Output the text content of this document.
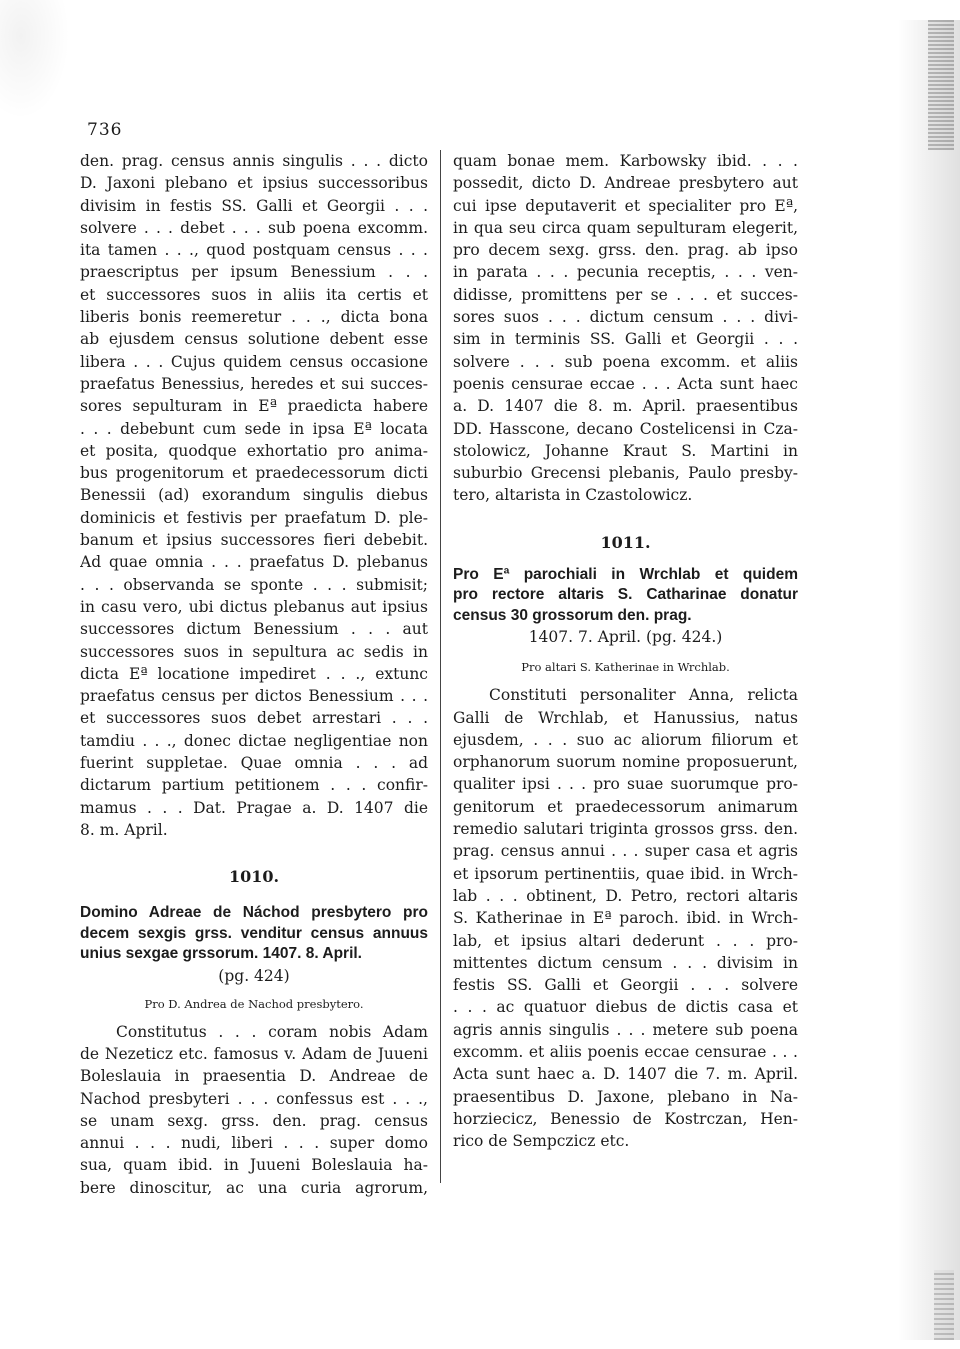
736
den. prag. census annis singulis . . . dicto
D. Jaxoni plebano et ipsius successoribus
divisim in festis SS. Galli et Georgii . . .
solvere . . . debet . . . sub poena excomm.
ita tamen . . ., quod postquam census . . .
praescriptus per ipsum Benessium . . .
et successores suos in aliis ita certis et
liberis bonis reemeretur . . ., dicta bona
ab ejusdem census solutione debent esse
libera . . . Cujus quidem census occasione
praefatus Benessius, heredes et sui succes-
sores sepulturam in Eª praedicta habere
. . . debebunt cum sede in ipsa Eª locata
et posita, quodque exhortatio pro anima-
bus progenitorum et praedecessorum dicti
Benessii (ad) exorandum singulis diebus
dominicis et festivis per praefatum D. ple-
banum et ipsius successores fieri debebit.
Ad quae omnia . . . praefatus D. plebanus
. . . observanda se sponte . . . submisit;
in casu vero, ubi dictus plebanus aut ipsius
successores dictum Benessium . . . aut
successores suos in sepultura ac sedis in
dicta Eª locatione impediret . . ., extunc
praefatus census per dictos Benessium . . .
et successores suos debet arrestari . . .
tamdiu . . ., donec dictae negligentiae non
fuerint suppletae. Quae omnia . . . ad
dictarum partium petitionem . . . confir-
mamus . . . Dat. Pragae a. D. 1407 die
8. m. April.
1010.
Domino Adreae de Náchod presbytero pro
decem sexgis grss. venditur census annuus
unius sexgae grssorum. 1407. 8. April.
(pg. 424)
Pro D. Andrea de Nachod presbytero.
Constitutus . . . coram nobis Adam
de Nezeticz etc. famosus v. Adam de Juueni
Boleslauia in praesentia D. Andreae de
Nachod presbyteri . . . confessus est . . .,
se unam sexg. grss. den. prag. census
annui . . . nudi, liberi . . . super domo
sua, quam ibid. in Juueni Boleslauia ha-
bere dinoscitur, ac una curia agrorum,
quam bonae mem. Karbowsky ibid. . . .
possedit, dicto D. Andreae presbytero aut
cui ipse deputaverit et specialiter pro Eª,
in qua seu circa quam sepulturam elegerit,
pro decem sexg. grss. den. prag. ab ipso
in parata . . . pecunia receptis, . . . ven-
didisse, promittens per se . . . et succes-
sores suos . . . dictum censum . . . divi-
sim in terminis SS. Galli et Georgii . . .
solvere . . . sub poena excomm. et aliis
poenis censurae eccae . . . Acta sunt haec
a. D. 1407 die 8. m. April. praesentibus
DD. Hasscone, decano Costelicensi in Cza-
stolowicz, Johanne Kraut S. Martini in
suburbio Grecensi plebanis, Paulo presby-
tero, altarista in Czastolowicz.
1011.
Pro Eª parochiali in Wrchlab et quidem
pro rectore altaris S. Catharinae donatur
census 30 grossorum den. prag.
1407. 7. April. (pg. 424.)
Pro altari S. Katherinae in Wrchlab.
Constituti personaliter Anna, relicta
Galli de Wrchlab, et Hanussius, natus
ejusdem, . . . suo ac aliorum filiorum et
orphanorum suorum nomine proposuerunt,
qualiter ipsi . . . pro suae suorumque pro-
genitorum et praedecessorum animarum
remedio salutari triginta grossos grss. den.
prag. census annui . . . super casa et agris
et ipsorum pertinentiis, quae ibid. in Wrch-
lab . . . obtinent, D. Petro, rectori altaris
S. Katherinae in Eª paroch. ibid. in Wrch-
lab, et ipsius altari dederunt . . . pro-
mittentes dictum censum . . . divisim in
festis SS. Galli et Georgii . . . solvere
. . . ac quatuor diebus de dictis casa et
agris annis singulis . . . metere sub poena
excomm. et aliis poenis eccae censurae . . .
Acta sunt haec a. D. 1407 die 7. m. April.
praesentibus D. Jaxone, plebano in Na-
horziecicz, Benessio de Kostrczan, Hen-
rico de Sempczicz etc.
